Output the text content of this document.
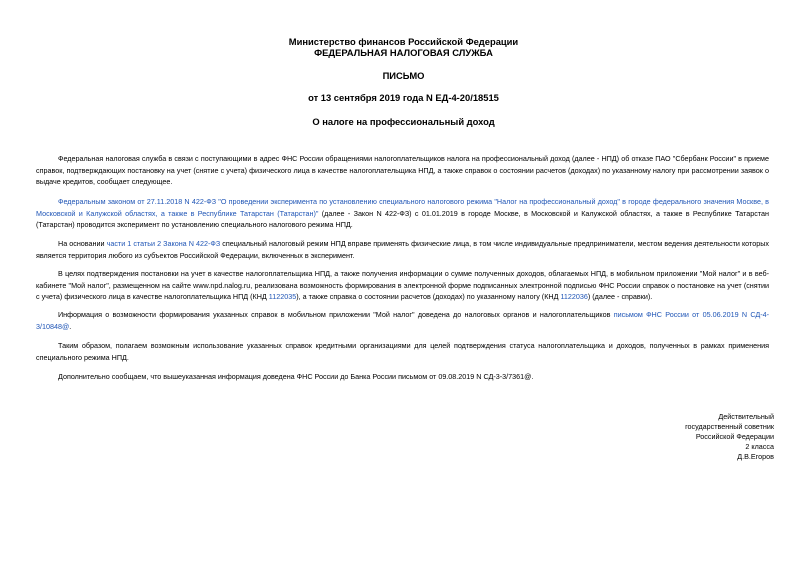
Министерство финансов Российской Федерации
ФЕДЕРАЛЬНАЯ НАЛОГОВАЯ СЛУЖБА
ПИСЬМО
от 13 сентября 2019 года N ЕД-4-20/18515
О налоге на профессиональный доход
Федеральная налоговая служба в связи с поступающими в адрес ФНС России обращениями налогоплательщиков налога на профессиональный доход (далее - НПД) об отказе ПАО "Сбербанк России" в приеме справок, подтверждающих постановку на учет (снятие с учета) физического лица в качестве налогоплательщика НПД, а также справок о состоянии расчетов (доходах) по указанному налогу при рассмотрении заявок о выдаче кредитов, сообщает следующее.
Федеральным законом от 27.11.2018 N 422-ФЗ "О проведении эксперимента по установлению специального налогового режима "Налог на профессиональный доход" в городе федерального значения Москве, в Московской и Калужской областях, а также в Республике Татарстан (Татарстан)" (далее - Закон N 422-ФЗ) с 01.01.2019 в городе Москве, в Московской и Калужской областях, а также в Республике Татарстан (Татарстан) проводится эксперимент по установлению специального налогового режима НПД.
На основании части 1 статьи 2 Закона N 422-ФЗ специальный налоговый режим НПД вправе применять физические лица, в том числе индивидуальные предприниматели, местом ведения деятельности которых является территория любого из субъектов Российской Федерации, включенных в эксперимент.
В целях подтверждения постановки на учет в качестве налогоплательщика НПД, а также получения информации о сумме полученных доходов, облагаемых НПД, в мобильном приложении "Мой налог" и в веб-кабинете "Мой налог", размещенном на сайте www.npd.nalog.ru, реализована возможность формирования в электронной форме подписанных электронной подписью ФНС России справок о постановке на учет (снятии с учета) физического лица в качестве налогоплательщика НПД (КНД 1122035), а также справка о состоянии расчетов (доходах) по указанному налогу (КНД 1122036) (далее - справки).
Информация о возможности формирования указанных справок в мобильном приложении "Мой налог" доведена до налоговых органов и налогоплательщиков письмом ФНС России от 05.06.2019 N СД-4-3/10848@.
Таким образом, полагаем возможным использование указанных справок кредитными организациями для целей подтверждения статуса налогоплательщика и доходов, полученных в рамках применения специального режима НПД.
Дополнительно сообщаем, что вышеуказанная информация доведена ФНС России до Банка России письмом от 09.08.2019 N СД-3-3/7361@.
Действительный
государственный советник
Российской Федерации
2 класса
Д.В.Егоров
